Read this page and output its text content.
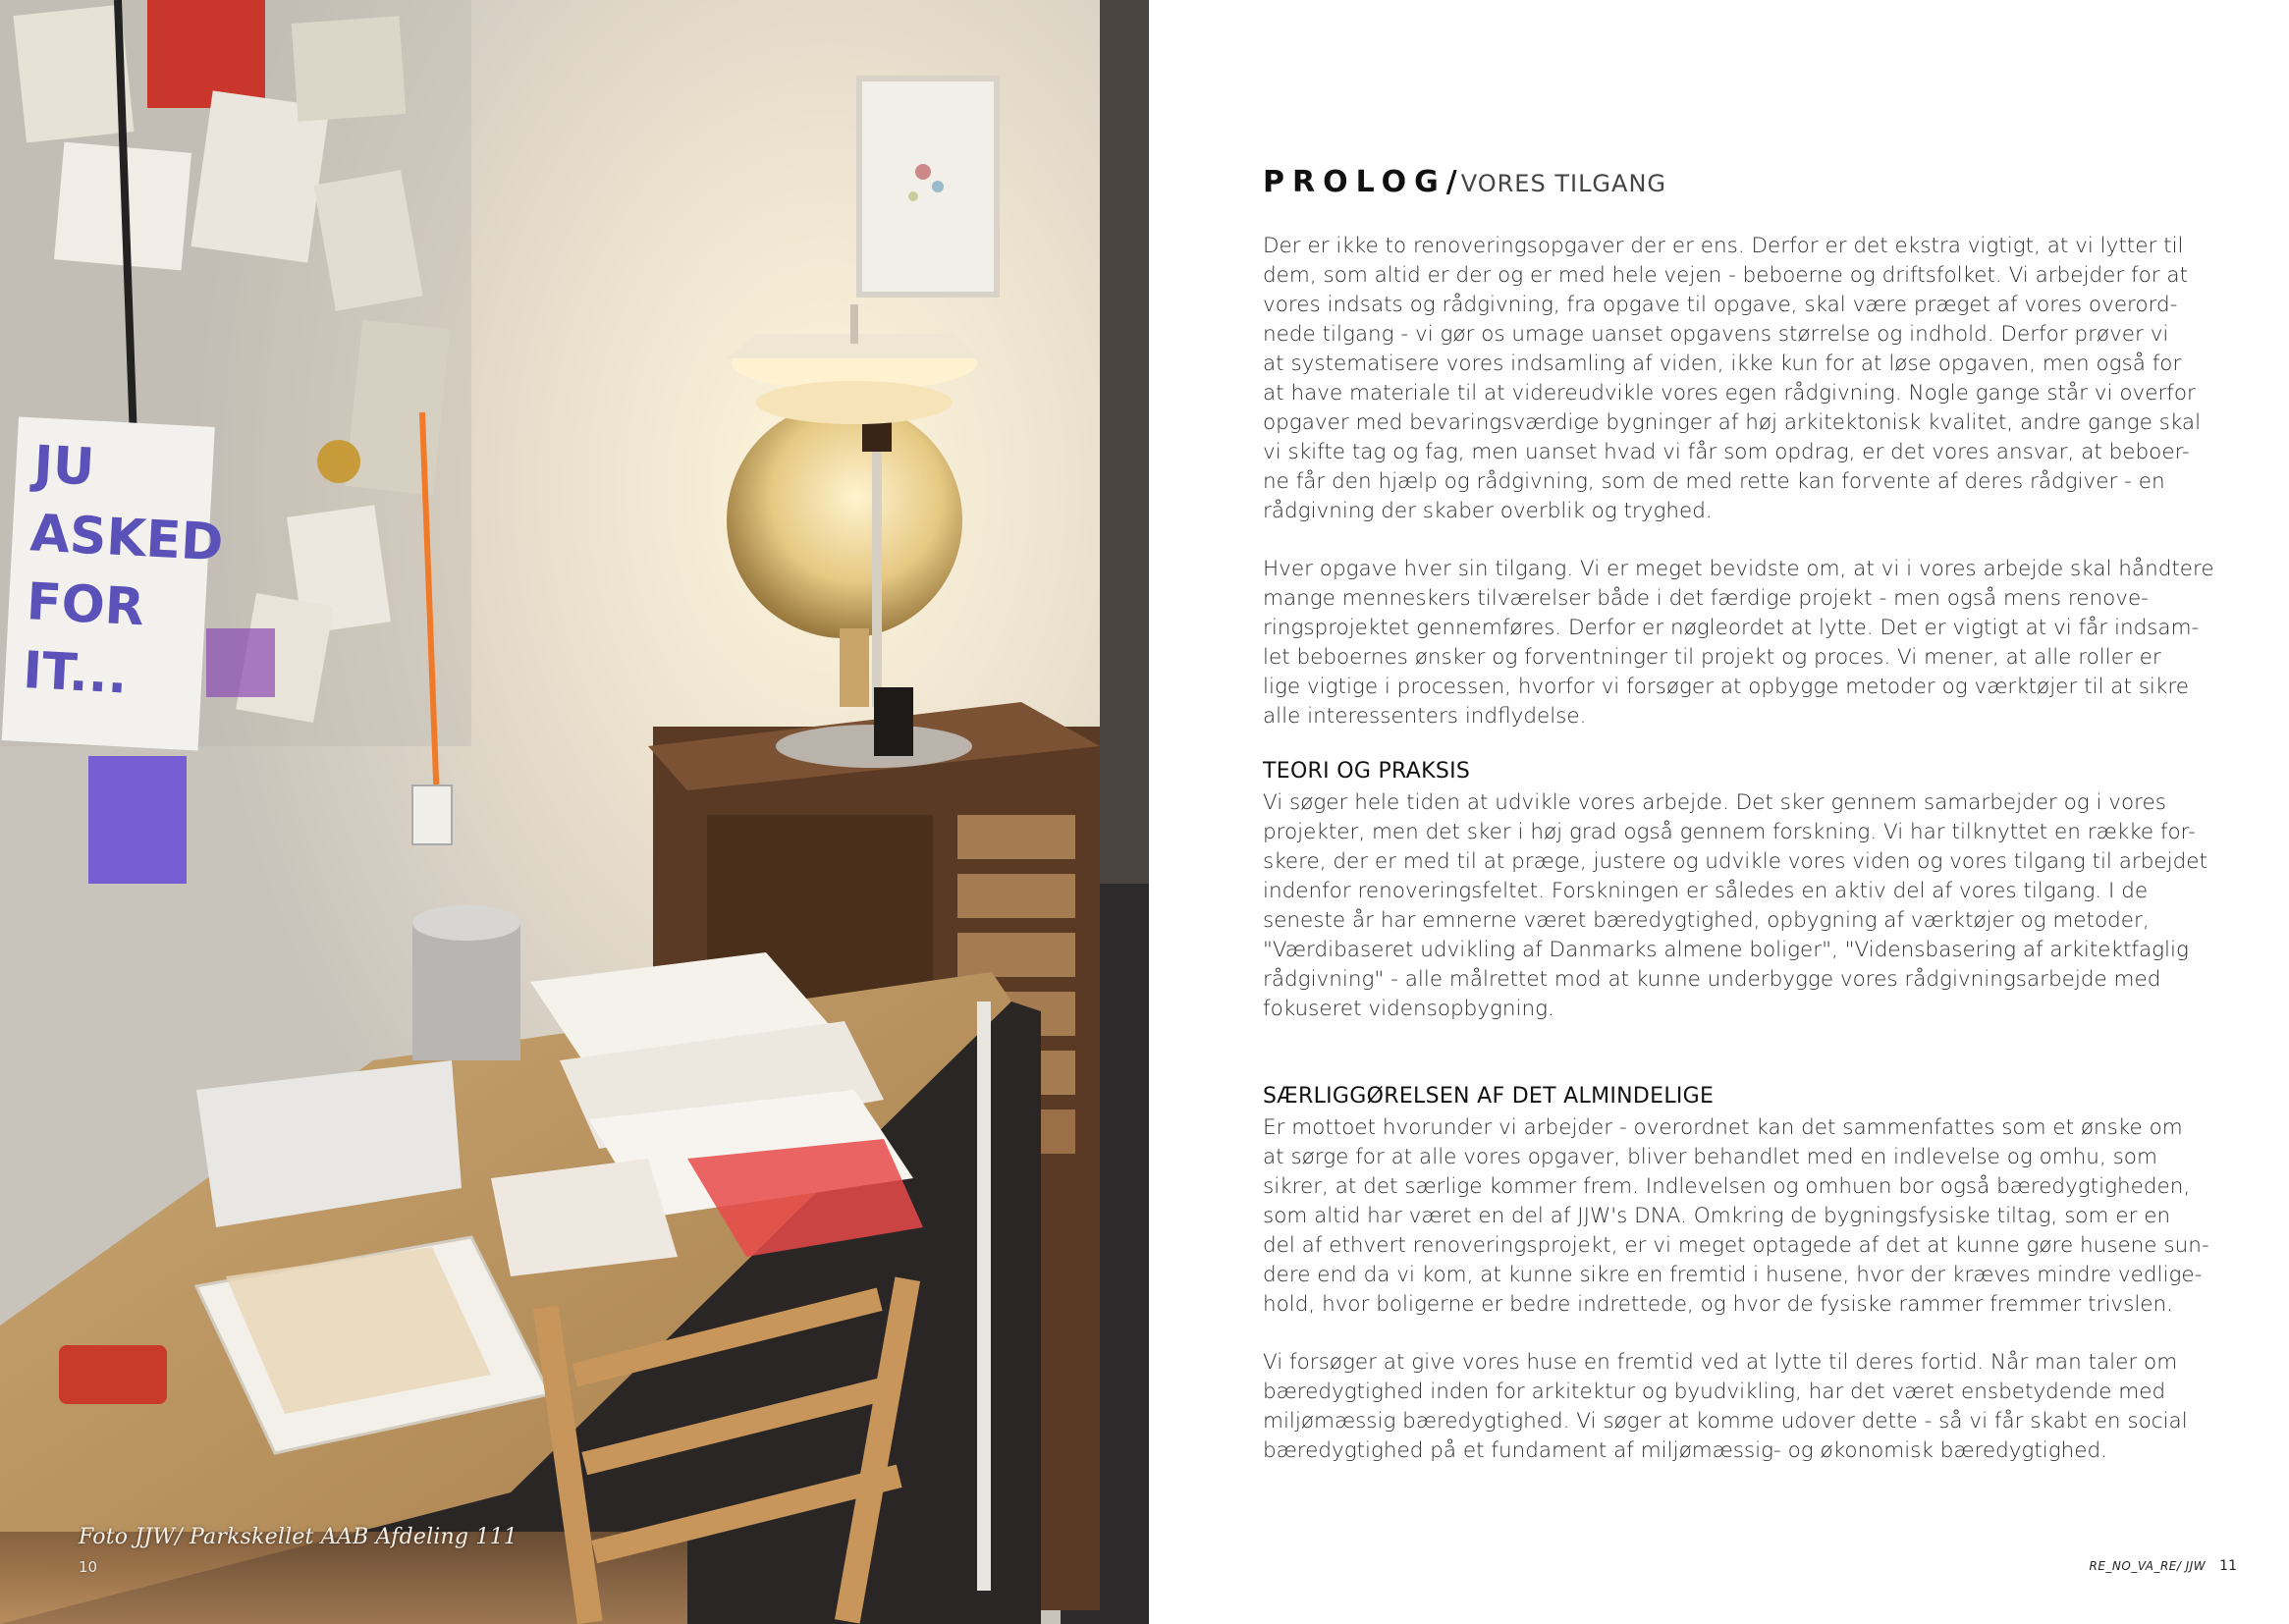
JU
ASKED
FOR
IT...
Foto JJW/ Parkskellet AAB Afdeling 111
10
PROLOG/ VORES TILGANG
Der er ikke to renoveringsopgaver der er ens. Derfor er det ekstra vigtigt, at vi lytter til
dem, som altid er der og er med hele vejen - beboerne og driftsfolket. Vi arbejder for at
vores indsats og rådgivning, fra opgave til opgave, skal være præget af vores overord-
nede tilgang - vi gør os umage uanset opgavens størrelse og indhold. Derfor prøver vi
at systematisere vores indsamling af viden, ikke kun for at løse opgaven, men også for
at have materiale til at videreudvikle vores egen rådgivning. Nogle gange står vi overfor
opgaver med bevaringsværdige bygninger af høj arkitektonisk kvalitet, andre gange skal
vi skifte tag og fag, men uanset hvad vi får som opdrag, er det vores ansvar, at beboer-
ne får den hjælp og rådgivning, som de med rette kan forvente af deres rådgiver - en
rådgivning der skaber overblik og tryghed.
Hver opgave hver sin tilgang. Vi er meget bevidste om, at vi i vores arbejde skal håndtere
mange menneskers tilværelser både i det færdige projekt - men også mens renove-
ringsprojektet gennemføres. Derfor er nøgleordet at lytte. Det er vigtigt at vi får indsam-
let beboernes ønsker og forventninger til projekt og proces. Vi mener, at alle roller er
lige vigtige i processen, hvorfor vi forsøger at opbygge metoder og værktøjer til at sikre
alle interessenters indflydelse.
TEORI OG PRAKSIS
Vi søger hele tiden at udvikle vores arbejde. Det sker gennem samarbejder og i vores
projekter, men det sker i høj grad også gennem forskning. Vi har tilknyttet en række for-
skere, der er med til at præge, justere og udvikle vores viden og vores tilgang til arbejdet
indenfor renoveringsfeltet. Forskningen er således en aktiv del af vores tilgang. I de
seneste år har emnerne været bæredygtighed, opbygning af værktøjer og metoder,
"Værdibaseret udvikling af Danmarks almene boliger", "Vidensbasering af arkitektfaglig
rådgivning" - alle målrettet mod at kunne underbygge vores rådgivningsarbejde med
fokuseret vidensopbygning.
SÆRLIGGØRELSEN AF DET ALMINDELIGE
Er mottoet hvorunder vi arbejder - overordnet kan det sammenfattes som et ønske om
at sørge for at alle vores opgaver, bliver behandlet med en indlevelse og omhu, som
sikrer, at det særlige kommer frem. Indlevelsen og omhuen bor også bæredygtigheden,
som altid har været en del af JJW's DNA. Omkring de bygningsfysiske tiltag, som er en
del af ethvert renoveringsprojekt, er vi meget optagede af det at kunne gøre husene sun-
dere end da vi kom, at kunne sikre en fremtid i husene, hvor der kræves mindre vedlige-
hold, hvor boligerne er bedre indrettede, og hvor de fysiske rammer fremmer trivslen.
Vi forsøger at give vores huse en fremtid ved at lytte til deres fortid. Når man taler om
bæredygtighed inden for arkitektur og byudvikling, har det været ensbetydende med
miljømæssig bæredygtighed. Vi søger at komme udover dette - så vi får skabt en social
bæredygtighed på et fundament af miljømæssig- og økonomisk bæredygtighed.
RE_NO_VA_RE/ JJW 11
